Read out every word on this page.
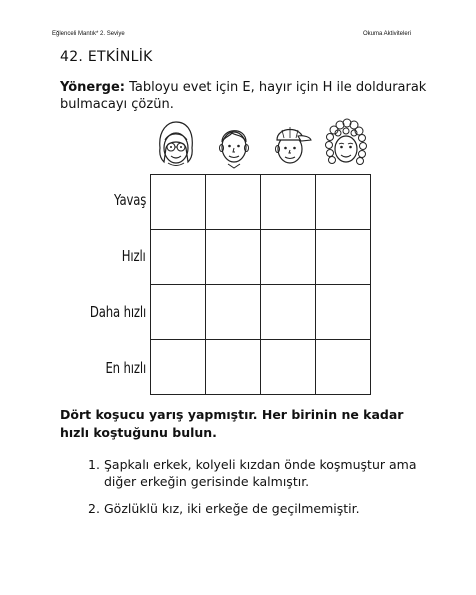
Eğlenceli Mantık* 2. Seviye	Okuma Aktiviteleri
42. ETKİNLİK
Yönerge: Tabloyu evet için E, hayır için H ile doldurarak bulmacayı çözün.
Yavaş
Hızlı
Daha hızlı
En hızlı

Dört koşucu yarış yapmıştır. Her birinin ne kadar hızlı koştuğunu bulun.
1. Şapkalı erkek, kolyeli kızdan önde koşmuştur ama diğer erkeğin gerisinde kalmıştır.
2. Gözlüklü kız, iki erkeğe de geçilmemiştir.
